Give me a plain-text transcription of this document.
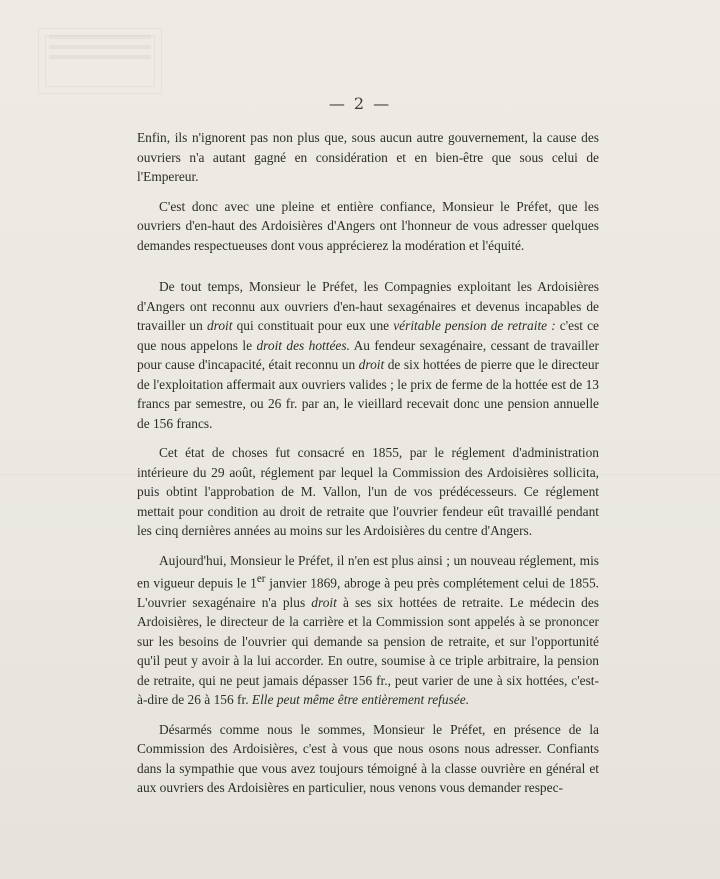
— 2 —

Enfin, ils n'ignorent pas non plus que, sous aucun autre gouvernement, la cause des ouvriers n'a autant gagné en considération et en bien-être que sous celui de l'Empereur.

C'est donc avec une pleine et entière confiance, Monsieur le Préfet, que les ouvriers d'en-haut des Ardoisières d'Angers ont l'honneur de vous adresser quelques demandes respectueuses dont vous apprécierez la modération et l'équité.

De tout temps, Monsieur le Préfet, les Compagnies exploitant les Ardoisières d'Angers ont reconnu aux ouvriers d'en-haut sexagénaires et devenus incapables de travailler un droit qui constituait pour eux une véritable pension de retraite : c'est ce que nous appelons le droit des hottées. Au fendeur sexagénaire, cessant de travailler pour cause d'incapacité, était reconnu un droit de six hottées de pierre que le directeur de l'exploitation affermait aux ouvriers valides ; le prix de ferme de la hottée est de 13 francs par semestre, ou 26 fr. par an, le vieillard recevait donc une pension annuelle de 156 francs.

Cet état de choses fut consacré en 1855, par le réglement d'administration intérieure du 29 août, réglement par lequel la Commission des Ardoisières sollicita, puis obtint l'approbation de M. Vallon, l'un de vos prédécesseurs. Ce réglement mettait pour condition au droit de retraite que l'ouvrier fendeur eût travaillé pendant les cinq dernières années au moins sur les Ardoisières du centre d'Angers.

Aujourd'hui, Monsieur le Préfet, il n'en est plus ainsi ; un nouveau réglement, mis en vigueur depuis le 1er janvier 1869, abroge à peu près complétement celui de 1855. L'ouvrier sexagénaire n'a plus droit à ses six hottées de retraite. Le médecin des Ardoisières, le directeur de la carrière et la Commission sont appelés à se prononcer sur les besoins de l'ouvrier qui demande sa pension de retraite, et sur l'opportunité qu'il peut y avoir à la lui accorder. En outre, soumise à ce triple arbitraire, la pension de retraite, qui ne peut jamais dépasser 156 fr., peut varier de une à six hottées, c'est-à-dire de 26 à 156 fr. Elle peut même être entièrement refusée.

Désarmés comme nous le sommes, Monsieur le Préfet, en présence de la Commission des Ardoisières, c'est à vous que nous osons nous adresser. Confiants dans la sympathie que vous avez toujours témoigné à la classe ouvrière en général et aux ouvriers des Ardoisières en particulier, nous venons vous demander respec-
